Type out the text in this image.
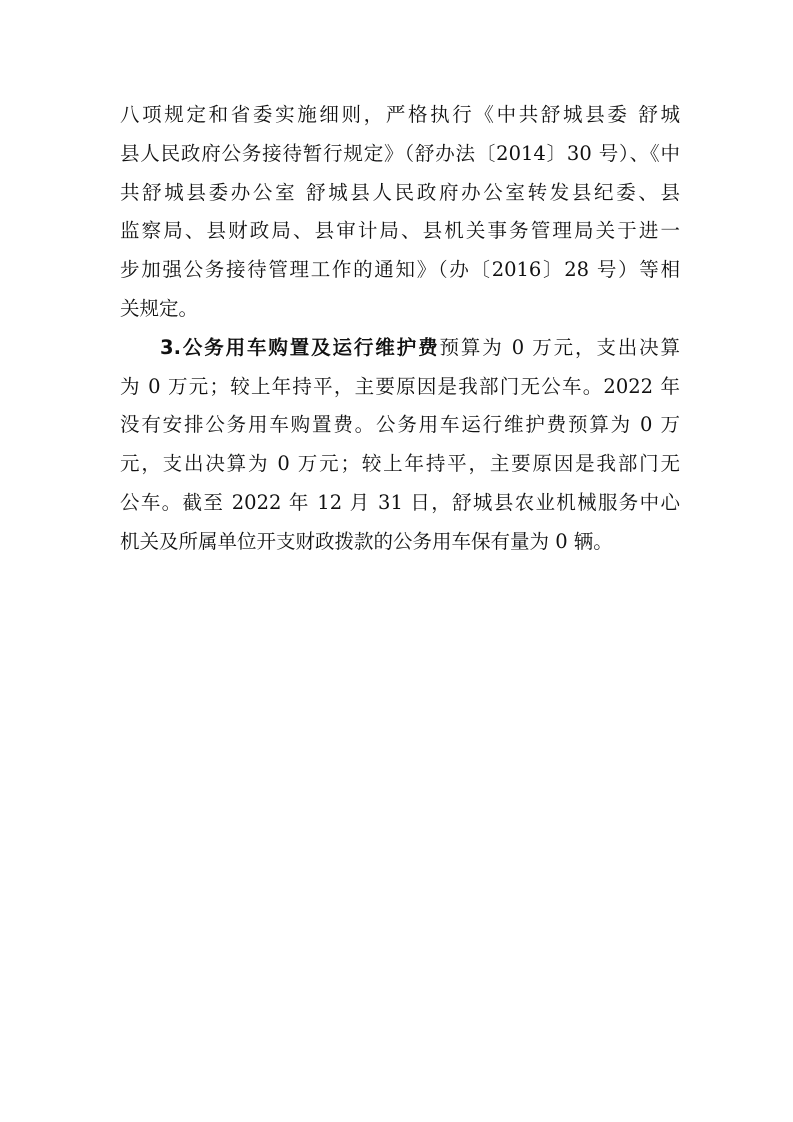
八项规定和省委实施细则，严格执行《中共舒城县委 舒城
县人民政府公务接待暂行规定》（舒办法〔2014〕30 号）、《中
共舒城县委办公室 舒城县人民政府办公室转发县纪委、县
监察局、县财政局、县审计局、县机关事务管理局关于进一
步加强公务接待管理工作的通知》（办〔2016〕28 号）等相
关规定。
3.公务用车购置及运行维护费预算为 0 万元，支出决算
为 0 万元；较上年持平，主要原因是我部门无公车。2022 年
没有安排公务用车购置费。公务用车运行维护费预算为 0 万
元，支出决算为 0 万元；较上年持平，主要原因是我部门无
公车。截至 2022 年 12 月 31 日，舒城县农业机械服务中心
机关及所属单位开支财政拨款的公务用车保有量为 0 辆。
